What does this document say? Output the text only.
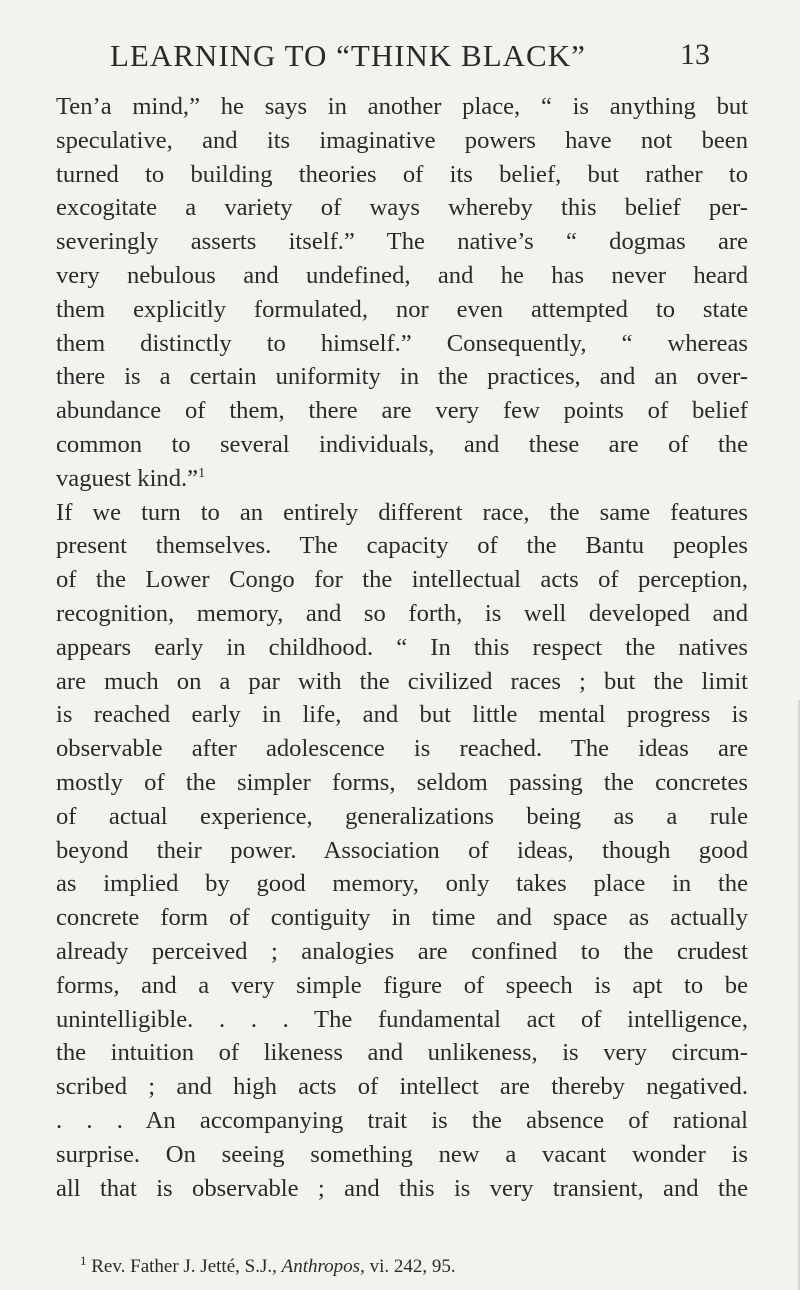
LEARNING TO “THINK BLACK”	13
Ten’a mind,” he says in another place, “ is anything but
speculative, and its imaginative powers have not been
turned to building theories of its belief, but rather to
excogitate a variety of ways whereby this belief per-
severingly asserts itself.” The native’s “ dogmas are
very nebulous and undefined, and he has never heard
them explicitly formulated, nor even attempted to state
them distinctly to himself.” Consequently, “ whereas
there is a certain uniformity in the practices, and an over-
abundance of them, there are very few points of belief
common to several individuals, and these are of the
vaguest kind.”$^1$
If we turn to an entirely different race, the same features
present themselves. The capacity of the Bantu peoples
of the Lower Congo for the intellectual acts of perception,
recognition, memory, and so forth, is well developed and
appears early in childhood. “ In this respect the natives
are much on a par with the civilized races ; but the limit
is reached early in life, and but little mental progress is
observable after adolescence is reached. The ideas are
mostly of the simpler forms, seldom passing the concretes
of actual experience, generalizations being as a rule
beyond their power. Association of ideas, though good
as implied by good memory, only takes place in the
concrete form of contiguity in time and space as actually
already perceived ; analogies are confined to the crudest
forms, and a very simple figure of speech is apt to be
unintelligible. . . . The fundamental act of intelligence,
the intuition of likeness and unlikeness, is very circum-
scribed ; and high acts of intellect are thereby negatived.
. . . An accompanying trait is the absence of rational
surprise. On seeing something new a vacant wonder is
all that is observable ; and this is very transient, and the
$^1$ Rev. Father J. Jetté, S.J., Anthropos, vi. 242, 95.
